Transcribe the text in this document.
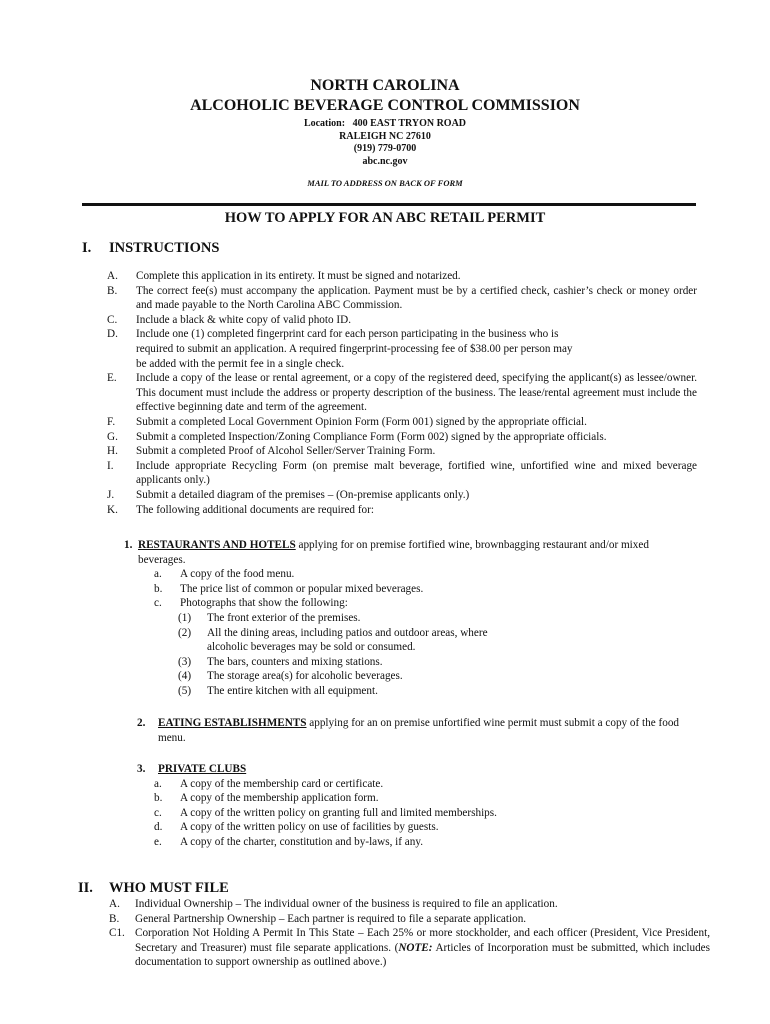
NORTH CAROLINA
ALCOHOLIC BEVERAGE CONTROL COMMISSION
Location: 400 EAST TRYON ROAD
RALEIGH NC 27610
(919) 779-0700
abc.nc.gov
MAIL TO ADDRESS ON BACK OF FORM
HOW TO APPLY FOR AN ABC RETAIL PERMIT
I. INSTRUCTIONS
A. Complete this application in its entirety. It must be signed and notarized.
B. The correct fee(s) must accompany the application. Payment must be by a certified check, cashier’s check or money order and made payable to the North Carolina ABC Commission.
C. Include a black & white copy of valid photo ID.
D. Include one (1) completed fingerprint card for each person participating in the business who is required to submit an application. A required fingerprint-processing fee of $38.00 per person may be added with the permit fee in a single check.
E. Include a copy of the lease or rental agreement, or a copy of the registered deed, specifying the applicant(s) as lessee/owner. This document must include the address or property description of the business. The lease/rental agreement must include the effective beginning date and term of the agreement.
F. Submit a completed Local Government Opinion Form (Form 001) signed by the appropriate official.
G. Submit a completed Inspection/Zoning Compliance Form (Form 002) signed by the appropriate officials.
H. Submit a completed Proof of Alcohol Seller/Server Training Form.
I. Include appropriate Recycling Form (on premise malt beverage, fortified wine, unfortified wine and mixed beverage applicants only.)
J. Submit a detailed diagram of the premises – (On-premise applicants only.)
K. The following additional documents are required for:
1. RESTAURANTS AND HOTELS applying for on premise fortified wine, brownbagging restaurant and/or mixed beverages.
a. A copy of the food menu.
b. The price list of common or popular mixed beverages.
c. Photographs that show the following:
(1) The front exterior of the premises.
(2) All the dining areas, including patios and outdoor areas, where alcoholic beverages may be sold or consumed.
(3) The bars, counters and mixing stations.
(4) The storage area(s) for alcoholic beverages.
(5) The entire kitchen with all equipment.
2. EATING ESTABLISHMENTS applying for an on premise unfortified wine permit must submit a copy of the food menu.
3. PRIVATE CLUBS
a. A copy of the membership card or certificate.
b. A copy of the membership application form.
c. A copy of the written policy on granting full and limited memberships.
d. A copy of the written policy on use of facilities by guests.
e. A copy of the charter, constitution and by-laws, if any.
II. WHO MUST FILE
A. Individual Ownership – The individual owner of the business is required to file an application.
B. General Partnership Ownership – Each partner is required to file a separate application.
C1. Corporation Not Holding A Permit In This State – Each 25% or more stockholder, and each officer (President, Vice President, Secretary and Treasurer) must file separate applications. (NOTE: Articles of Incorporation must be submitted, which includes documentation to support ownership as outlined above.)
